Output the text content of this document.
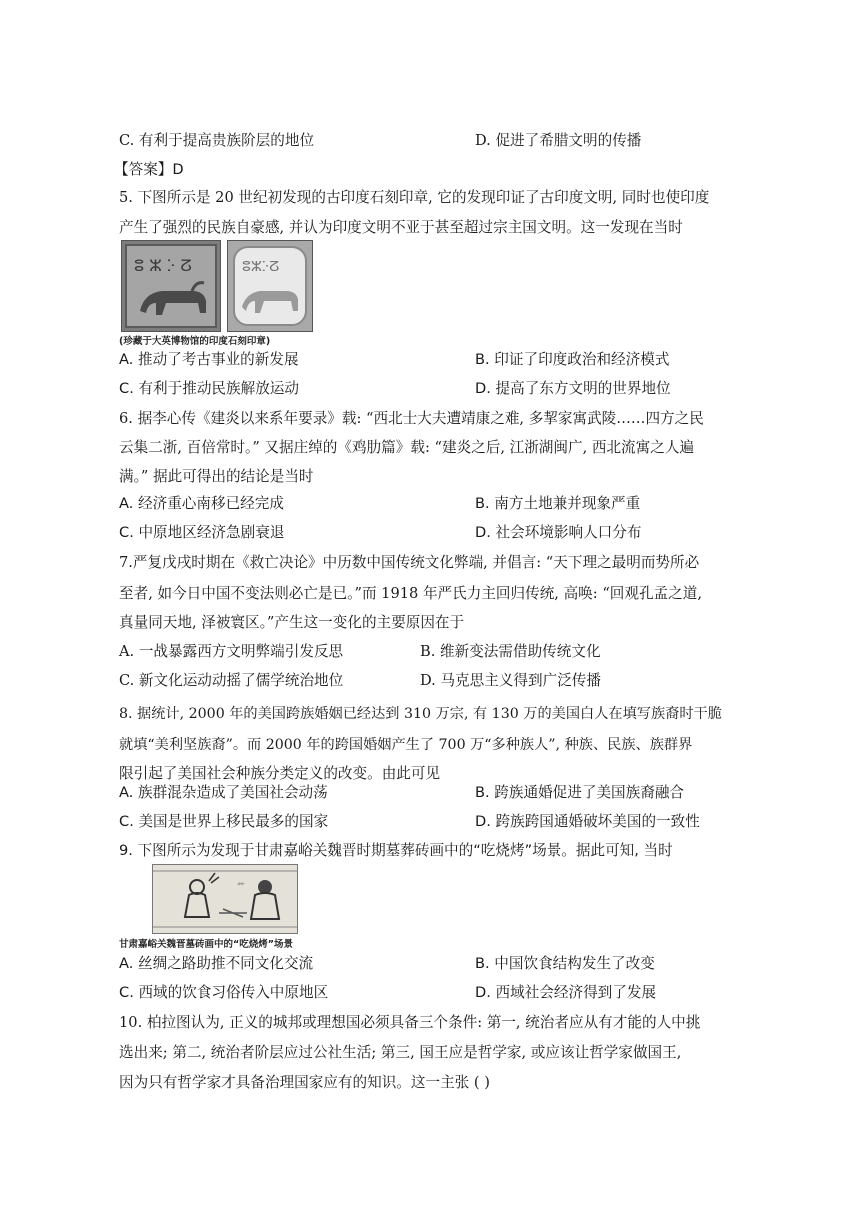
C. 有利于提高贵族阶层的地位	D. 促进了希腊文明的传播
【答案】D
5. 下图所示是 20 世纪初发现的古印度石刻印章, 它的发现印证了古印度文明, 同时也使印度
产生了强烈的民族自豪感, 并认为印度文明不亚于甚至超过宗主国文明。这一发现在当时
ⵓ ⵣ ⴾ ⵒ	ⵓⵣⴾⵒ
(珍藏于大英博物馆的印度石刻印章)
A. 推动了考古事业的新发展	B. 印证了印度政治和经济模式
C. 有利于推动民族解放运动	D. 提高了东方文明的世界地位
6. 据李心传《建炎以来系年要录》载: “西北士大夫遭靖康之难, 多挈家寓武陵……四方之民
云集二浙, 百倍常时。” 又据庄绰的《鸡肋篇》载: “建炎之后, 江浙湖闽广, 西北流寓之人遍
满。” 据此可得出的结论是当时
A. 经济重心南移已经完成	B. 南方土地兼并现象严重
C. 中原地区经济急剧衰退	D. 社会环境影响人口分布
7.严复戊戌时期在《救亡决论》中历数中国传统文化弊端, 并倡言: “天下理之最明而势所必
至者, 如今日中国不变法则必亡是已。”而 1918 年严氏力主回归传统, 高唤: “回观孔孟之道,
真量同天地, 泽被寰区。”产生这一变化的主要原因在于
A. 一战暴露西方文明弊端引发反思	B. 维新变法需借助传统文化
C. 新文化运动动摇了儒学统治地位	D. 马克思主义得到广泛传播
8. 据统计, 2000 年的美国跨族婚姻已经达到 310 万宗, 有 130 万的美国白人在填写族裔时干脆
就填“美利坚族裔”。而 2000 年的跨国婚姻产生了 700 万“多种族人”, 种族、民族、族群界
限引起了美国社会种族分类定义的改变。由此可见
A. 族群混杂造成了美国社会动荡	B. 跨族通婚促进了美国族裔融合
C. 美国是世界上移民最多的国家	D. 跨族跨国通婚破坏美国的一致性
9. 下图所示为发现于甘肃嘉峪关魏晋时期墓葬砖画中的“吃烧烤”场景。据此可知, 当时
⺮
甘肃嘉峪关魏晋墓砖画中的“吃烧烤”场景
A. 丝绸之路助推不同文化交流	B. 中国饮食结构发生了改变
C. 西域的饮食习俗传入中原地区	D. 西域社会经济得到了发展
10. 柏拉图认为, 正义的城邦或理想国必须具备三个条件: 第一, 统治者应从有才能的人中挑
选出来; 第二, 统治者阶层应过公社生活; 第三, 国王应是哲学家, 或应该让哲学家做国王,
因为只有哲学家才具备治理国家应有的知识。这一主张 ( )
